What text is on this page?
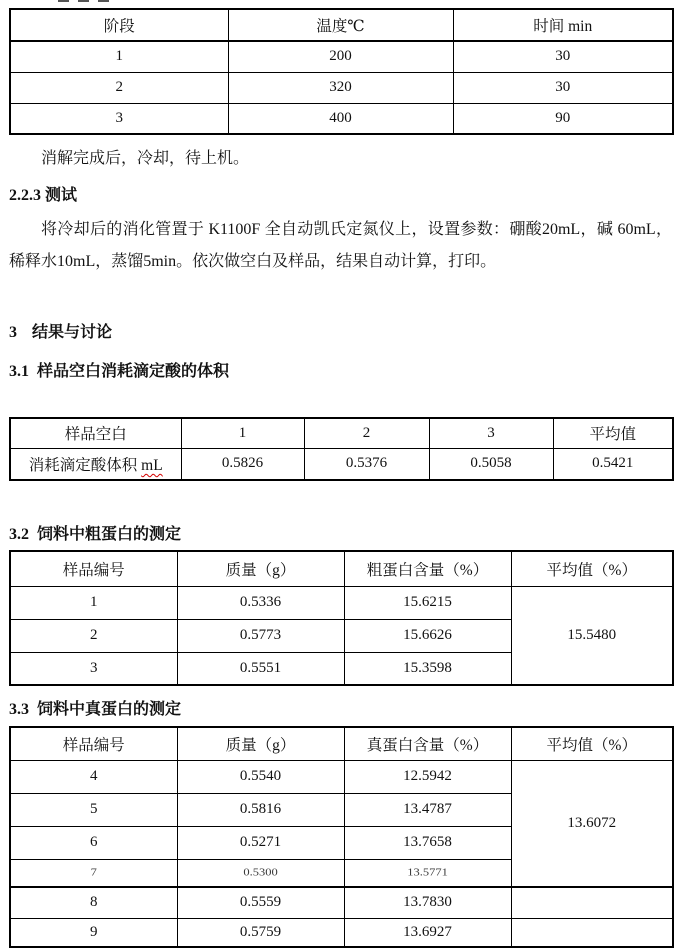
阶段	温度℃	时间 min
1	200	30
2	320	30
3	400	90

消解完成后，冷却，待上机。

2.2.3 测试

将冷却后的消化管置于 K1100F 全自动凯氏定氮仪上，设置参数：硼酸20mL，碱 60mL，稀释水10mL，蒸馏5min。依次做空白及样品，结果自动计算，打印。

3 结果与讨论

3.1 样品空白消耗滴定酸的体积

样品空白	1	2	3	平均值
消耗滴定酸体积 mL	0.5826	0.5376	0.5058	0.5421

3.2 饲料中粗蛋白的测定

样品编号	质量（g）	粗蛋白含量（%）	平均值（%）
1	0.5336	15.6215	15.5480
2	0.5773	15.6626	
3	0.5551	15.3598	

3.3 饲料中真蛋白的测定

样品编号	质量（g）	真蛋白含量（%）	平均值（%）
4	0.5540	12.5942	13.6072
5	0.5816	13.4787	
6	0.5271	13.7658	
7	0.5300	13.5771	
8	0.5559	13.7830	
9	0.5759	13.6927	
